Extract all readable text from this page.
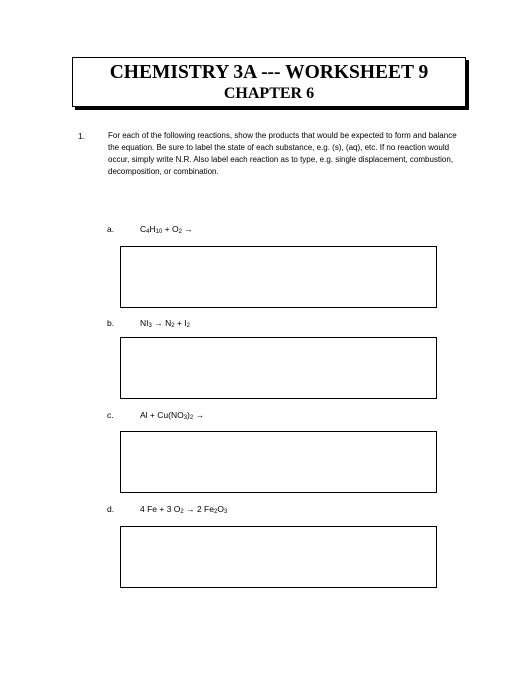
CHEMISTRY 3A --- WORKSHEET 9
CHAPTER 6
1.	For each of the following reactions, show the products that would be expected to form and balance the equation. Be sure to label the state of each substance, e.g. (s), (aq), etc. If no reaction would occur, simply write N.R. Also label each reaction as to type, e.g. single displacement, combustion, decomposition, or combination.
a.	$C_4H_{10} + O_2$ →
b.	$NI_3 \to N_2 + I_2$
c.	$Al + Cu(NO_3)_2$ →
d.	4 Fe + 3 $O_2 \to 2$ $Fe_2O_3$
